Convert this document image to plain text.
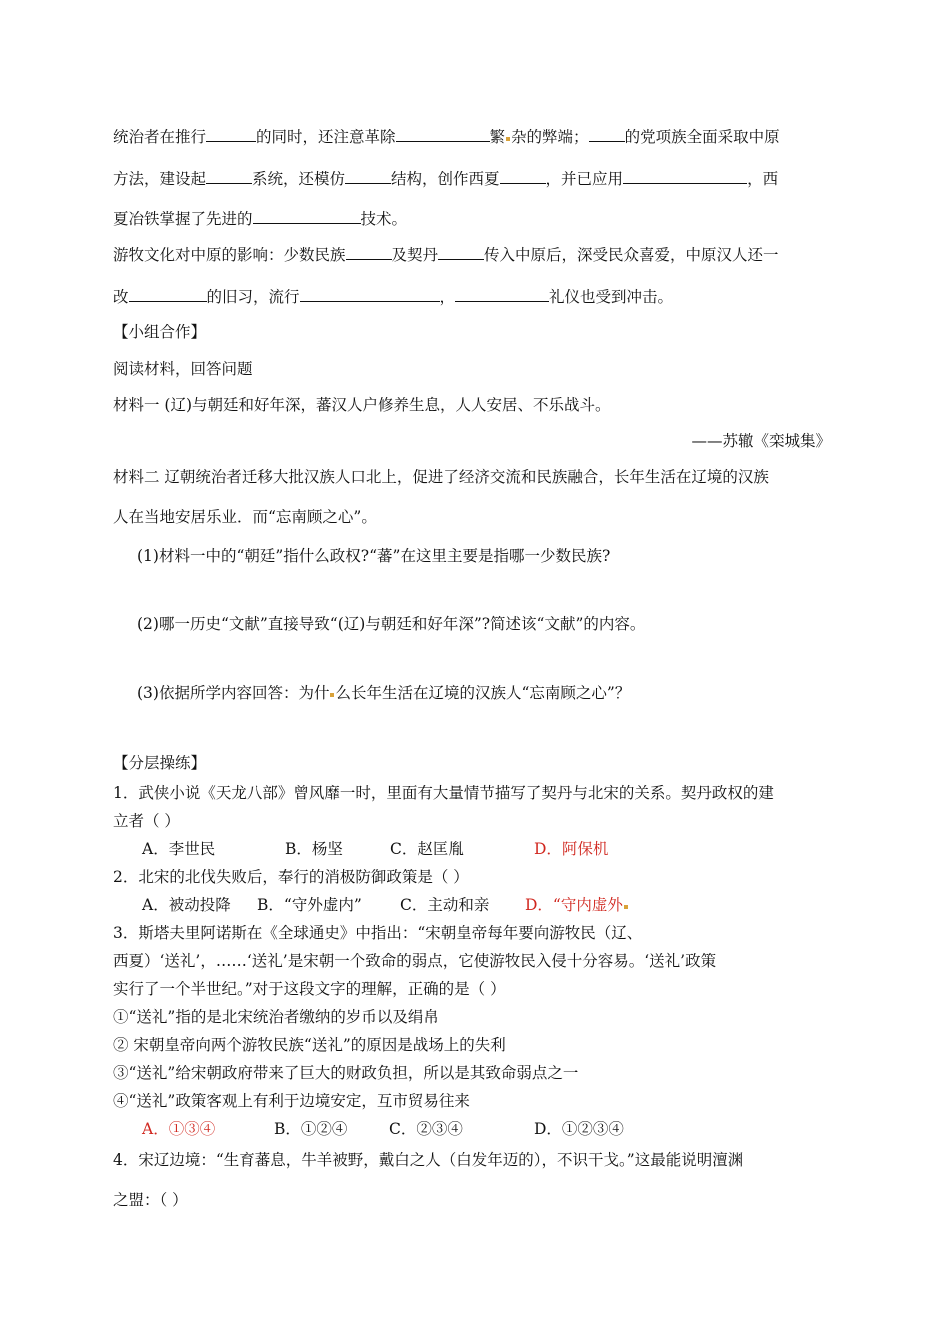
统治者在推行	的同时，还注意革除	繁 杂的弊端； 的党项族全面采取中原
方法，建设起	系统，还模仿	结构，创作西夏	，并已应用	，西
夏冶铁掌握了先进的	技术。
游牧文化对中原的影响：少数民族	及契丹	传入中原后，深受民众喜爱，中原汉人还一
改	的旧习，流行	，	礼仪也受到冲击。
【小组合作】
阅读材料，回答问题
材料一 (辽)与朝廷和好年深，蕃汉人户修养生息，人人安居、不乐战斗。
——苏辙《栾城集》
材料二 辽朝统治者迁移大批汉族人口北上，促进了经济交流和民族融合，长年生活在辽境的汉族
人在当地安居乐业．而“忘南顾之心”。
(1)材料一中的“朝廷”指什么政权?“蕃”在这里主要是指哪一少数民族?
(2)哪一历史“文献”直接导致“(辽)与朝廷和好年深”?简述该“文献”的内容。
(3)依据所学内容回答：为什 么长年生活在辽境的汉族人“忘南顾之心”？
【分层操练】
1．武侠小说《天龙八部》曾风靡一时，里面有大量情节描写了契丹与北宋的关系。契丹政权的建
立者（ ）
A．李世民	B．杨坚	C．赵匡胤	D．阿保机
2．北宋的北伐失败后，奉行的消极防御政策是（ ）
A．被动投降 B．“守外虚内” C．主动和亲 D．“守内虚外
3．斯塔夫里阿诺斯在《全球通史》中指出：“宋朝皇帝每年要向游牧民（辽、
西夏）‘送礼’，……‘送礼’是宋朝一个致命的弱点，它使游牧民入侵十分容易。‘送礼’政策
实行了一个半世纪。”对于这段文字的理解，正确的是（ ）
①“送礼”指的是北宋统治者缴纳的岁币以及绢帛
② 宋朝皇帝向两个游牧民族“送礼”的原因是战场上的失利
③“送礼”给宋朝政府带来了巨大的财政负担，所以是其致命弱点之一
④“送礼”政策客观上有利于边境安定，互市贸易往来
A．①③④	B．①②④	C．②③④	D．①②③④
4．宋辽边境：“生育蕃息，牛羊被野，戴白之人（白发年迈的），不识干戈。”这最能说明澶渊
之盟：（ ）
